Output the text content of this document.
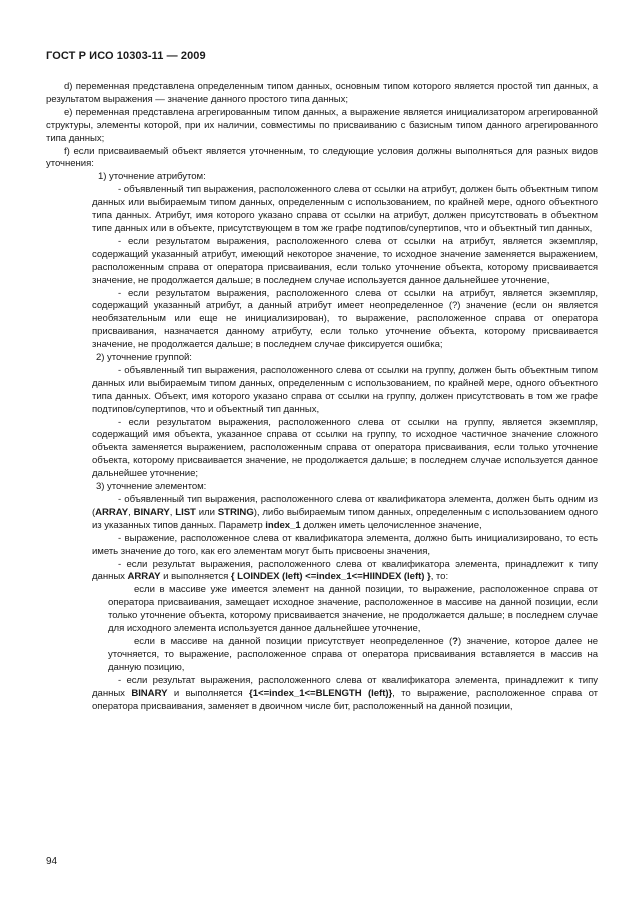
ГОСТ Р ИСО 10303-11 — 2009

d) переменная представлена определенным типом данных, основным типом которого является простой тип данных, а результатом выражения — значение данного простого типа данных;

e) переменная представлена агрегированным типом данных, а выражение является инициализатором агрегированной структуры, элементы которой, при их наличии, совместимы по присваиванию с базисным типом данного агрегированного типа данных;

f) если присваиваемый объект является уточненным, то следующие условия должны выполняться для разных видов уточнения:

1) уточнение атрибутом:

- объявленный тип выражения, расположенного слева от ссылки на атрибут, должен быть объектным типом данных или выбираемым типом данных, определенным с использованием, по крайней мере, одного объектного типа данных. Атрибут, имя которого указано справа от ссылки на атрибут, должен присутствовать в объектном типе данных или в объекте, присутствующем в том же графе подтипов/супертипов, что и объектный тип данных,

- если результатом выражения, расположенного слева от ссылки на атрибут, является экземпляр, содержащий указанный атрибут, имеющий некоторое значение, то исходное значение заменяется выражением, расположенным справа от оператора присваивания, если только уточнение объекта, которому присваивается значение, не продолжается дальше; в последнем случае используется данное дальнейшее уточнение,

- если результатом выражения, расположенного слева от ссылки на атрибут, является экземпляр, содержащий указанный атрибут, а данный атрибут имеет неопределенное (?) значение (если он является необязательным или еще не инициализирован), то выражение, расположенное справа от оператора присваивания, назначается данному атрибуту, если только уточнение объекта, которому присваивается значение, не продолжается дальше; в последнем случае фиксируется ошибка;

2) уточнение группой:

- объявленный тип выражения, расположенного слева от ссылки на группу, должен быть объектным типом данных или выбираемым типом данных, определенным с использованием, по крайней мере, одного объектного типа данных. Объект, имя которого указано справа от ссылки на группу, должен присутствовать в том же графе подтипов/супертипов, что и объектный тип данных,

- если результатом выражения, расположенного слева от ссылки на группу, является экземпляр, содержащий имя объекта, указанное справа от ссылки на группу, то исходное частичное значение сложного объекта заменяется выражением, расположенным справа от оператора присваивания, если только уточнение объекта, которому присваивается значение, не продолжается дальше; в последнем случае используется данное дальнейшее уточнение;

3) уточнение элементом:

- объявленный тип выражения, расположенного слева от квалификатора элемента, должен быть одним из (ARRAY, BINARY, LIST или STRING), либо выбираемым типом данных, определенным с использованием одного из указанных типов данных. Параметр index_1 должен иметь целочисленное значение,

- выражение, расположенное слева от квалификатора элемента, должно быть инициализировано, то есть иметь значение до того, как его элементам могут быть присвоены значения,

- если результат выражения, расположенного слева от квалификатора элемента, принадлежит к типу данных ARRAY и выполняется { LOINDEX (left) <=index_1<=HIINDEX (left) }, то:

если в массиве уже имеется элемент на данной позиции, то выражение, расположенное справа от оператора присваивания, замещает исходное значение, расположенное в массиве на данной позиции, если только уточнение объекта, которому присваивается значение, не продолжается дальше; в последнем случае для исходного элемента используется данное дальнейшее уточнение,

если в массиве на данной позиции присутствует неопределенное (?) значение, которое далее не уточняется, то выражение, расположенное справа от оператора присваивания вставляется в массив на данную позицию,

- если результат выражения, расположенного слева от квалификатора элемента, принадлежит к типу данных BINARY и выполняется {1<=index_1<=BLENGTH (left)}, то выражение, расположенное справа от оператора присваивания, заменяет в двоичном числе бит, расположенный на данной позиции,

94
